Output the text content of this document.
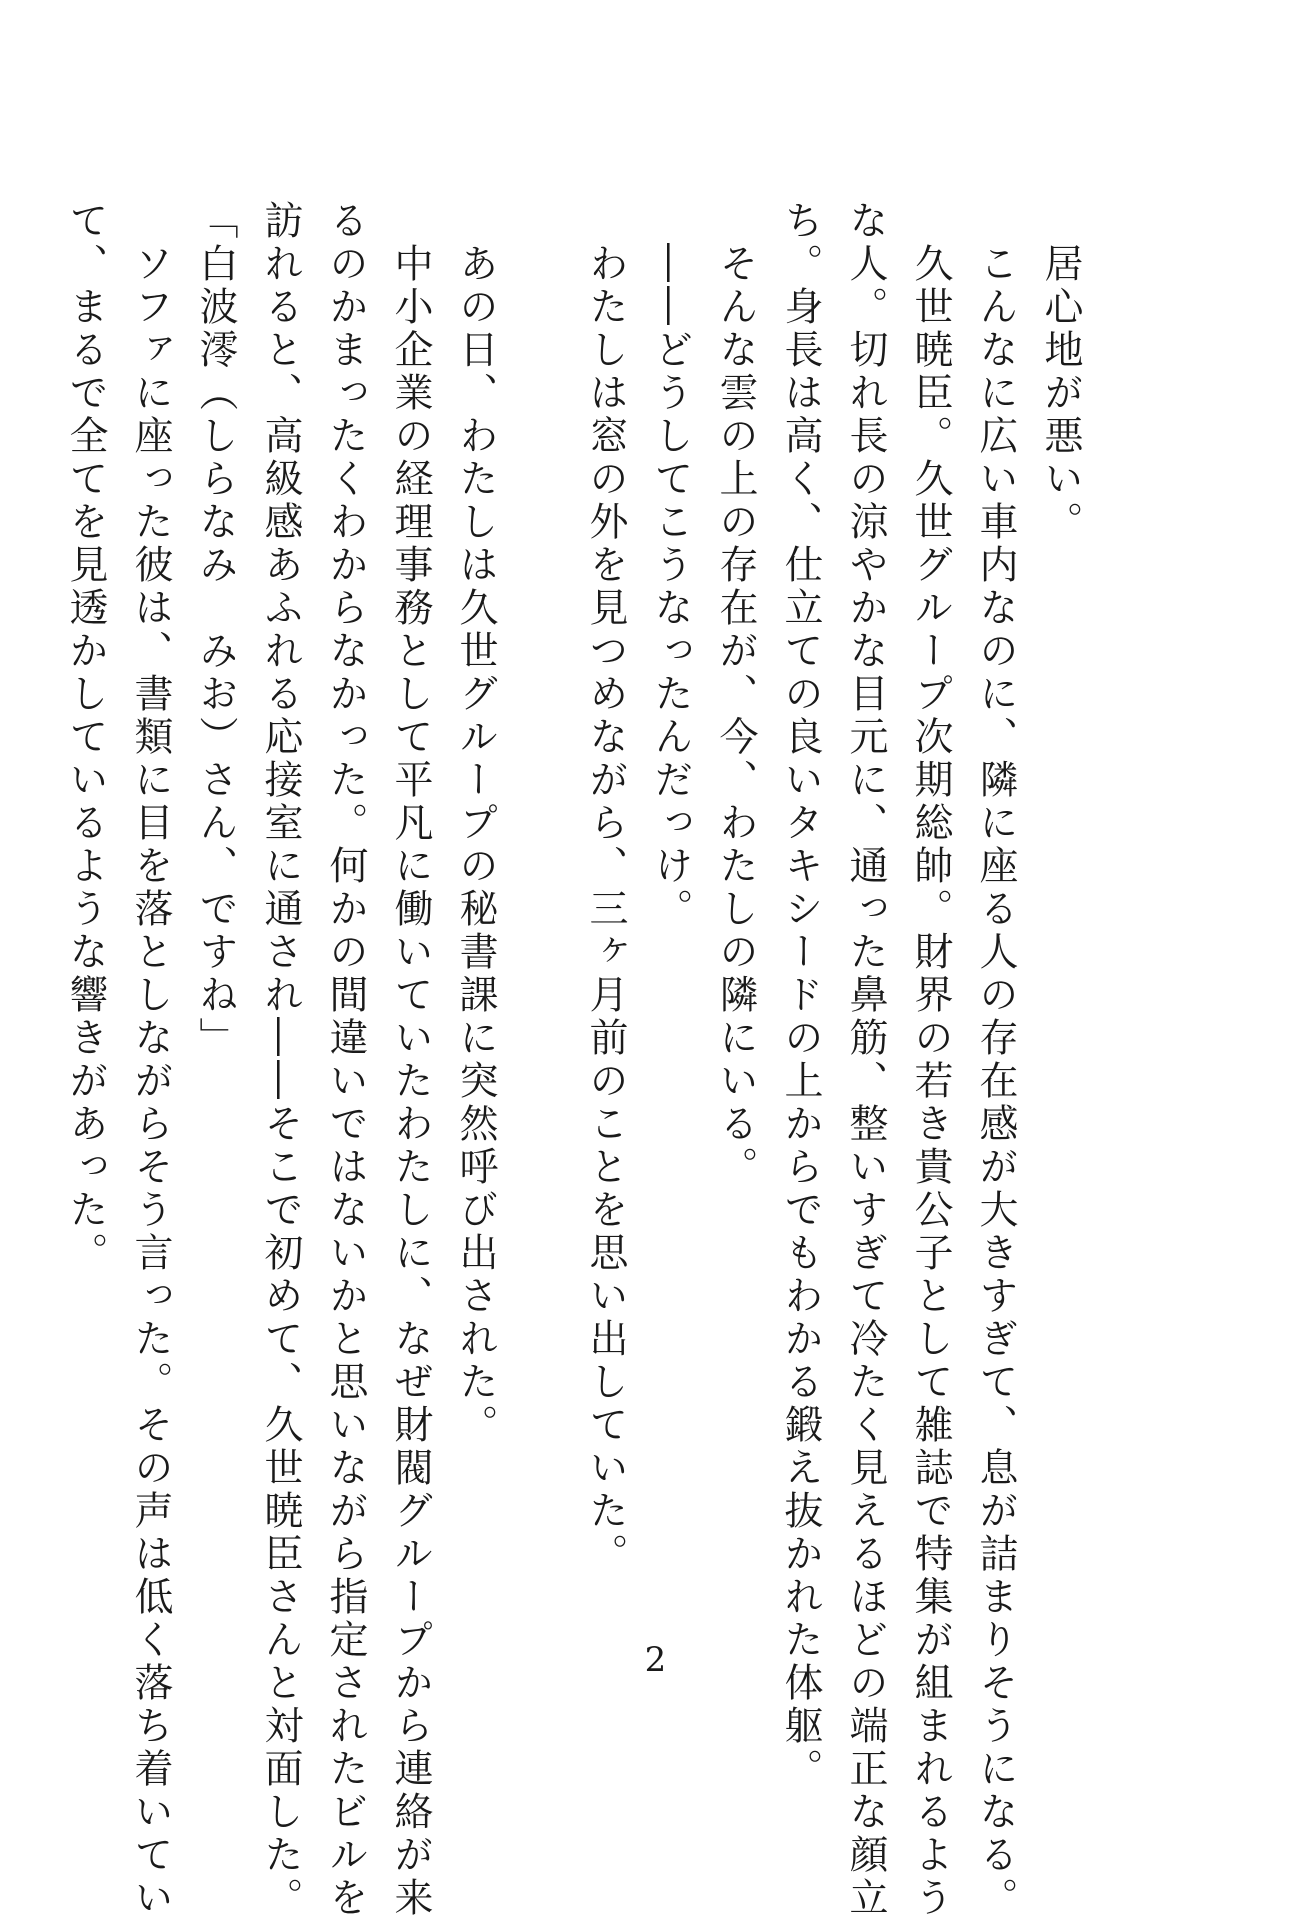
　居心地が悪い。
　こんなに広い車内なのに、隣に座る人の存在感が大きすぎて、息が詰まりそうになる。
　久世暁臣。久世グループ次期総帥。財界の若き貴公子として雑誌で特集が組まれるよう
な人。切れ長の涼やかな目元に、通った鼻筋、整いすぎて冷たく見えるほどの端正な顔立
ち。身長は高く、仕立ての良いタキシードの上からでもわかる鍛え抜かれた体躯。
　そんな雲の上の存在が、今、わたしの隣にいる。
　――どうしてこうなったんだっけ。
　わたしは窓の外を見つめながら、三ヶ月前のことを思い出していた。
　あの日、わたしは久世グループの秘書課に突然呼び出された。
　中小企業の経理事務として平凡に働いていたわたしに、なぜ財閥グループから連絡が来
るのかまったくわからなかった。何かの間違いではないかと思いながら指定されたビルを
訪れると、高級感あふれる応接室に通され――そこで初めて、久世暁臣さんと対面した。
「白波澪（しらなみ　みお）さん、ですね」
　ソファに座った彼は、書類に目を落としながらそう言った。その声は低く落ち着いてい
て、まるで全てを見透かしているような響きがあった。
2
